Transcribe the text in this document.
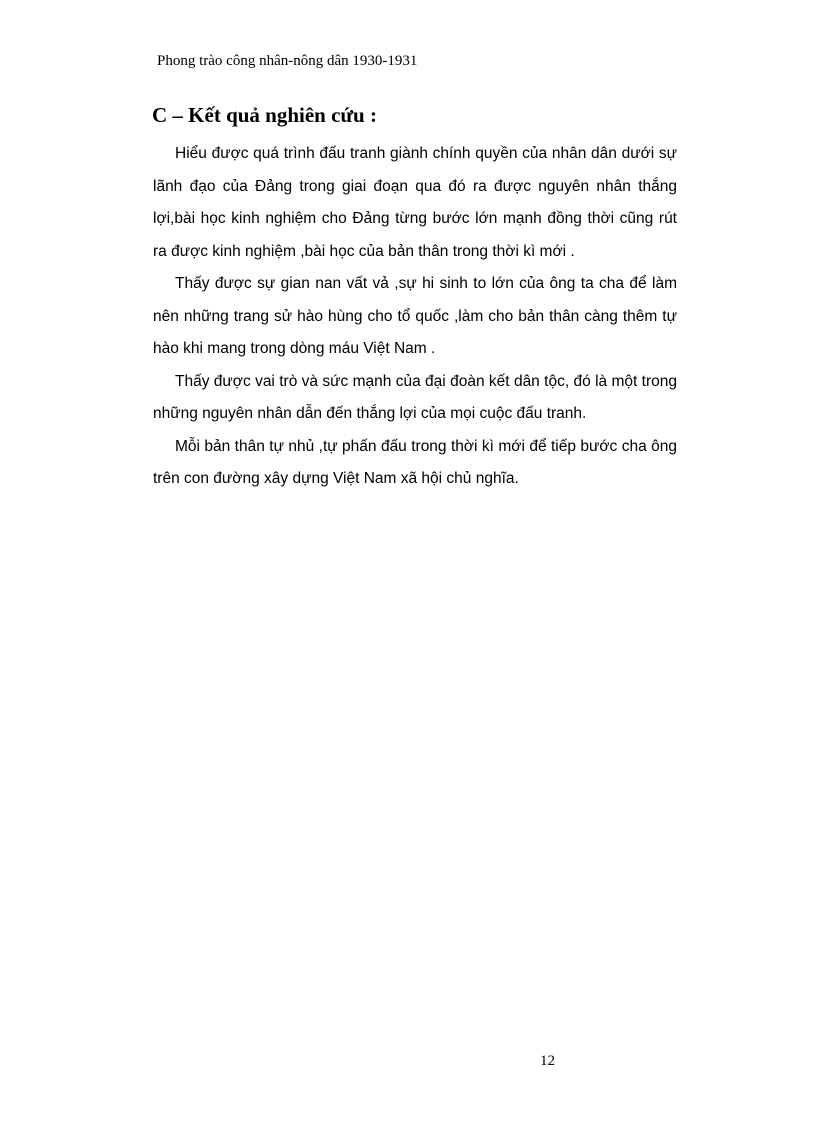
Phong trào công nhân-nông dân 1930-1931
C – Kết quả nghiên cứu :

Hiểu được quá trình đấu tranh giành chính quyền của nhân dân dưới sự lãnh đạo của Đảng trong giai đoạn qua đó ra được nguyên nhân thắng lợi,bài học kinh nghiệm cho Đảng từng bước lớn mạnh đồng thời cũng rút ra được kinh nghiệm ,bài học của bản thân trong thời kì mới .

Thấy được sự gian nan vất vả ,sự hi sinh to lớn của ông ta cha để làm nên những trang sử hào hùng cho tổ quốc ,làm cho bản thân càng thêm tự hào khi mang trong dòng máu Việt Nam .

Thấy được vai trò và sức mạnh của đại đoàn kết dân tộc, đó là một trong những nguyên nhân dẫn đến thắng lợi của mọi cuộc đấu tranh.

Mỗi bản thân tự nhủ ,tự phấn đấu trong thời kì mới để tiếp bước cha ông trên con đường xây dựng Việt Nam xã hội chủ nghĩa.

12
